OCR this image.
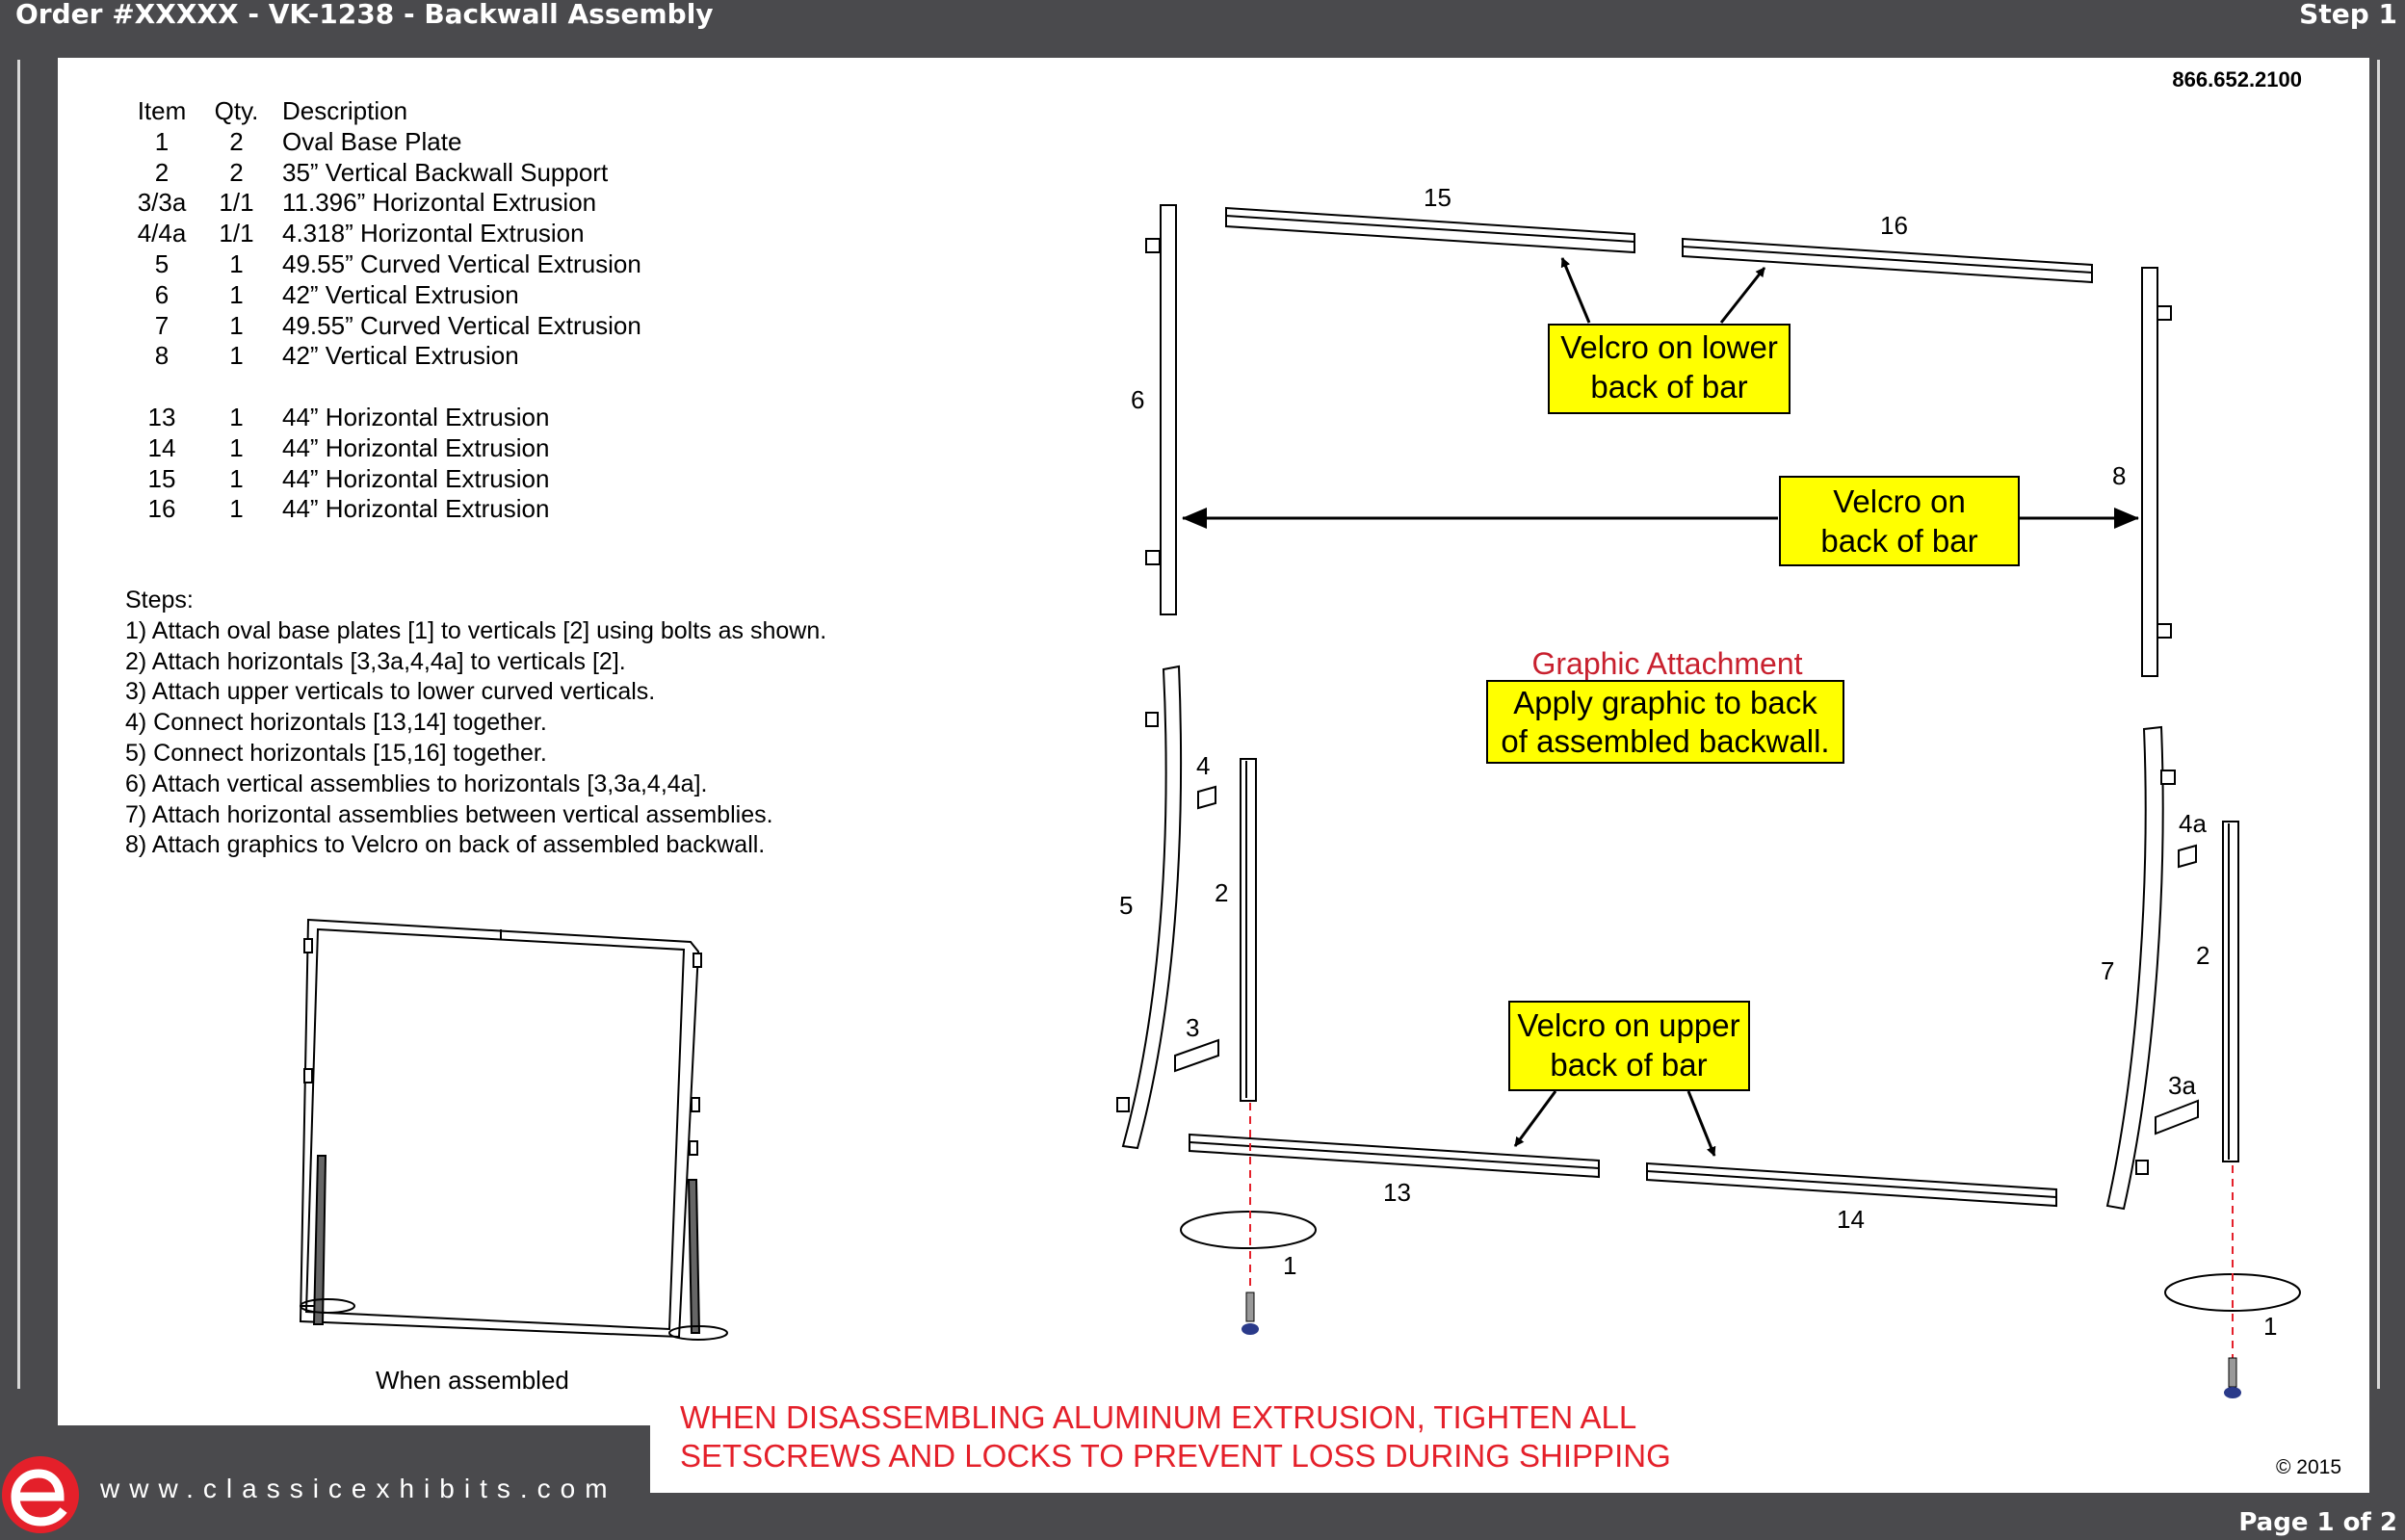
Order #XXXXX - VK-1238 - Backwall Assembly	Step 1
866.652.2100
Item	Qty.	Description
1	2	Oval Base Plate
2	2	35” Vertical Backwall Support
3/3a	1/1	11.396” Horizontal Extrusion
4/4a	1/1	4.318” Horizontal Extrusion
5	1	49.55” Curved Vertical Extrusion
6	1	42” Vertical Extrusion
7	1	49.55” Curved Vertical Extrusion
8	1	42” Vertical Extrusion

13	1	44” Horizontal Extrusion
14	1	44” Horizontal Extrusion
15	1	44” Horizontal Extrusion
16	1	44” Horizontal Extrusion
Steps:
1) Attach oval base plates [1] to verticals [2] using bolts as shown.
2) Attach horizontals [3,3a,4,4a] to verticals [2].
3) Attach upper verticals to lower curved verticals.
4) Connect horizontals [13,14] together.
5) Connect horizontals [15,16] together.
6) Attach vertical assemblies to horizontals [3,3a,4,4a].
7) Attach horizontal assemblies between vertical assemblies.
8) Attach graphics to Velcro on back of assembled backwall.
Velcro on lower
back of bar
Velcro on
back of bar
Graphic Attachment
Apply graphic to back
of assembled backwall.
Velcro on upper
back of bar
15
16
6
8
4
2
5
3
13
1
14
4a
2
7
3a
1
When assembled
WHEN DISASSEMBLING ALUMINUM EXTRUSION, TIGHTEN ALL
SETSCREWS AND LOCKS TO PREVENT LOSS DURING SHIPPING	© 2015
www.classicexhibits.com
Page 1 of 2
